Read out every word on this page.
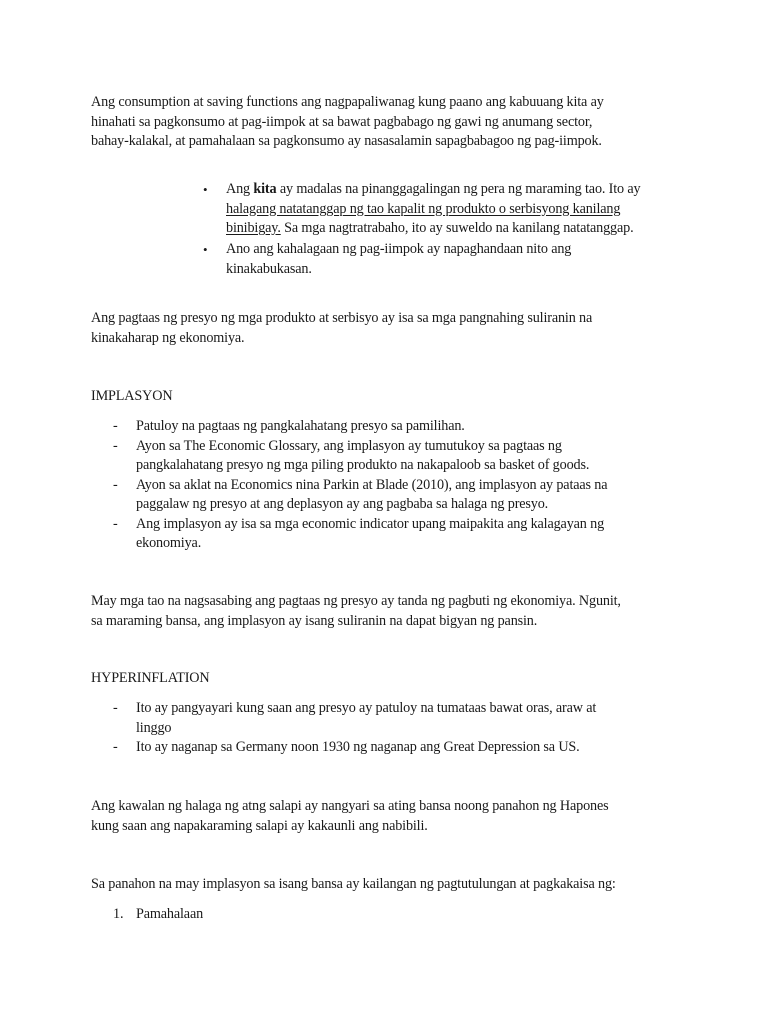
Ang consumption at saving functions ang nagpapaliwanag kung paano ang kabuuang kita ay
hinahati sa pagkonsumo at pag-iimpok at sa bawat pagbabago ng gawi ng anumang sector,
bahay-kalakal, at pamahalaan sa pagkonsumo ay nasasalamin sapagbabagoo ng pag-iimpok.
• Ang kita ay madalas na pinanggagalingan ng pera ng maraming tao. Ito ay
halagang natatanggap ng tao kapalit ng produkto o serbisyong kanilang
binibigay. Sa mga nagtratrabaho, ito ay suweldo na kanilang natatanggap.
• Ano ang kahalagaan ng pag-iimpok ay napaghandaan nito ang
kinakabukasan.
Ang pagtaas ng presyo ng mga produkto at serbisyo ay isa sa mga pangnahing suliranin na
kinakaharap ng ekonomiya.
IMPLASYON
- Patuloy na pagtaas ng pangkalahatang presyo sa pamilihan.
- Ayon sa The Economic Glossary, ang implasyon ay tumutukoy sa pagtaas ng
pangkalahatang presyo ng mga piling produkto na nakapaloob sa basket of goods.
- Ayon sa aklat na Economics nina Parkin at Blade (2010), ang implasyon ay pataas na
paggalaw ng presyo at ang deplasyon ay ang pagbaba sa halaga ng presyo.
- Ang implasyon ay isa sa mga economic indicator upang maipakita ang kalagayan ng
ekonomiya.
May mga tao na nagsasabing ang pagtaas ng presyo ay tanda ng pagbuti ng ekonomiya. Ngunit,
sa maraming bansa, ang implasyon ay isang suliranin na dapat bigyan ng pansin.
HYPERINFLATION
- Ito ay pangyayari kung saan ang presyo ay patuloy na tumataas bawat oras, araw at
linggo
- Ito ay naganap sa Germany noon 1930 ng naganap ang Great Depression sa US.
Ang kawalan ng halaga ng atng salapi ay nangyari sa ating bansa noong panahon ng Hapones
kung saan ang napakaraming salapi ay kakaunli ang nabibili.
Sa panahon na may implasyon sa isang bansa ay kailangan ng pagtutulungan at pagkakaisa ng:
1. Pamahalaan
